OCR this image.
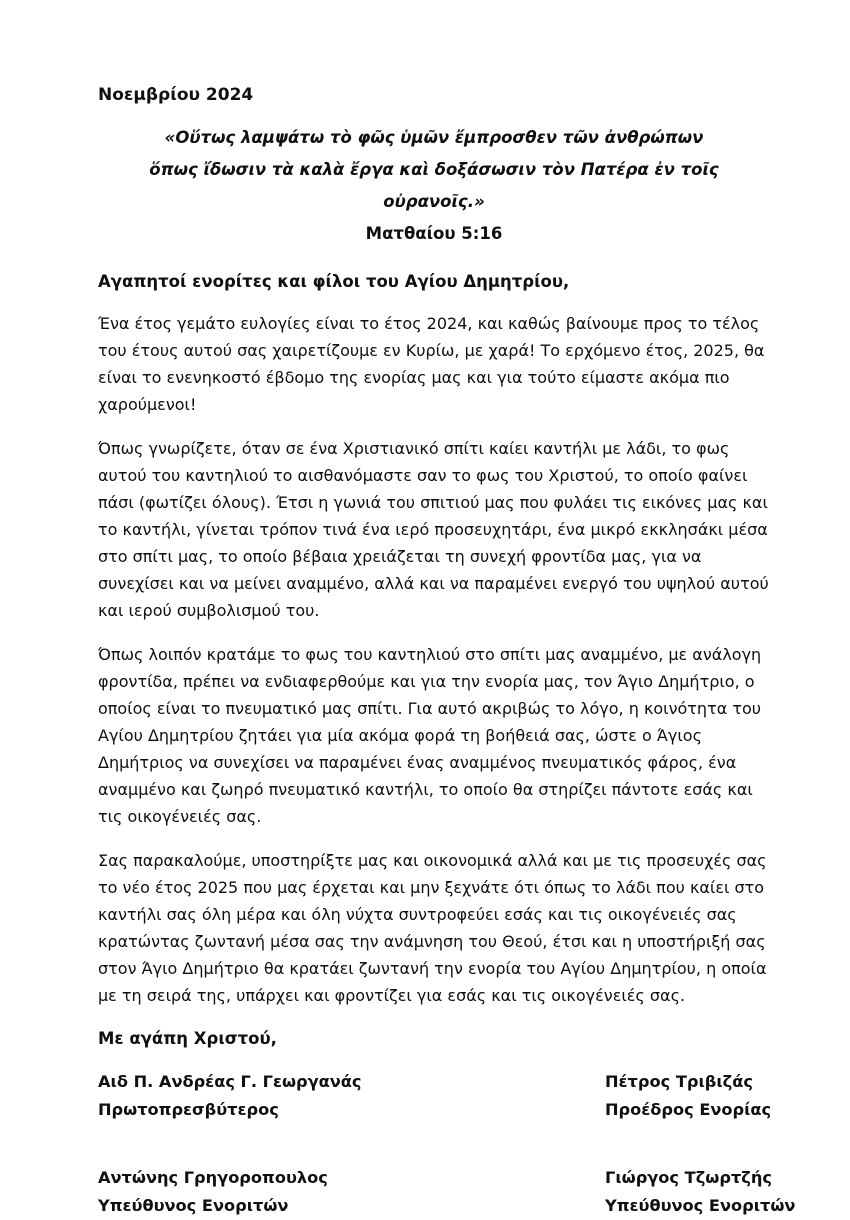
Νοεμβρίου 2024
«Οὕτως λαμψάτω τὸ φῶς ὑμῶν ἔμπροσθεν τῶν ἀνθρώπων
ὅπως ἴδωσιν τὰ καλὰ ἔργα καὶ δοξάσωσιν τὸν Πατέρα ἐν τοῖς οὐρανοῖς.»
Ματθαίου 5:16
Αγαπητοί ενορίτες και φίλοι του Αγίου Δημητρίου,

Ένα έτος γεμάτο ευλογίες είναι το έτος 2024, και καθώς βαίνουμε προς το τέλος του έτους αυτού σας χαιρετίζουμε εν Κυρίω, με χαρά! Το ερχόμενο έτος, 2025, θα είναι το ενενηκοστό έβδομο της ενορίας μας και για τούτο είμαστε ακόμα πιο χαρούμενοι!

Όπως γνωρίζετε, όταν σε ένα Χριστιανικό σπίτι καίει καντήλι με λάδι, το φως αυτού του καντηλιού το αισθανόμαστε σαν το φως του Χριστού, το οποίο φαίνει πάσι (φωτίζει όλους). Έτσι η γωνιά του σπιτιού μας που φυλάει τις εικόνες μας και το καντήλι, γίνεται τρόπον τινά ένα ιερό προσευχητάρι, ένα μικρό εκκλησάκι μέσα στο σπίτι μας, το οποίο βέβαια χρειάζεται τη συνεχή φροντίδα μας, για να συνεχίσει και να μείνει αναμμένο, αλλά και να παραμένει ενεργό του υψηλού αυτού και ιερού συμβολισμού του.

Όπως λοιπόν κρατάμε το φως του καντηλιού στο σπίτι μας αναμμένο, με ανάλογη φροντίδα, πρέπει να ενδιαφερθούμε και για την ενορία μας, τον Άγιο Δημήτριο, ο οποίος είναι το πνευματικό μας σπίτι. Για αυτό ακριβώς το λόγο, η κοινότητα του Αγίου Δημητρίου ζητάει για μία ακόμα φορά τη βοήθειά σας, ώστε ο Άγιος Δημήτριος να συνεχίσει να παραμένει ένας αναμμένος πνευματικός φάρος, ένα αναμμένο και ζωηρό πνευματικό καντήλι, το οποίο θα στηρίζει πάντοτε εσάς και τις οικογένειές σας.

Σας παρακαλούμε, υποστηρίξτε μας και οικονομικά αλλά και με τις προσευχές σας το νέο έτος 2025 που μας έρχεται και μην ξεχνάτε ότι όπως το λάδι που καίει στο καντήλι σας όλη μέρα και όλη νύχτα συντροφεύει εσάς και τις οικογένειές σας κρατώντας ζωντανή μέσα σας την ανάμνηση του Θεού, έτσι και η υποστήριξή σας στον Άγιο Δημήτριο θα κρατάει ζωντανή την ενορία του Αγίου Δημητρίου, η οποία με τη σειρά της, υπάρχει και φροντίζει για εσάς και τις οικογένειές σας.

Με αγάπη Χριστού,
Αιδ Π. Ανδρέας Γ. Γεωργανάς
Πρωτοπρεσβύτερος
Πέτρος Τριβιζάς
Προέδρος Ενορίας
Αντώνης Γρηγοροπουλος
Υπεύθυνος Ενοριτών
Γιώργος Τζωρτζής
Υπεύθυνος Ενοριτών
